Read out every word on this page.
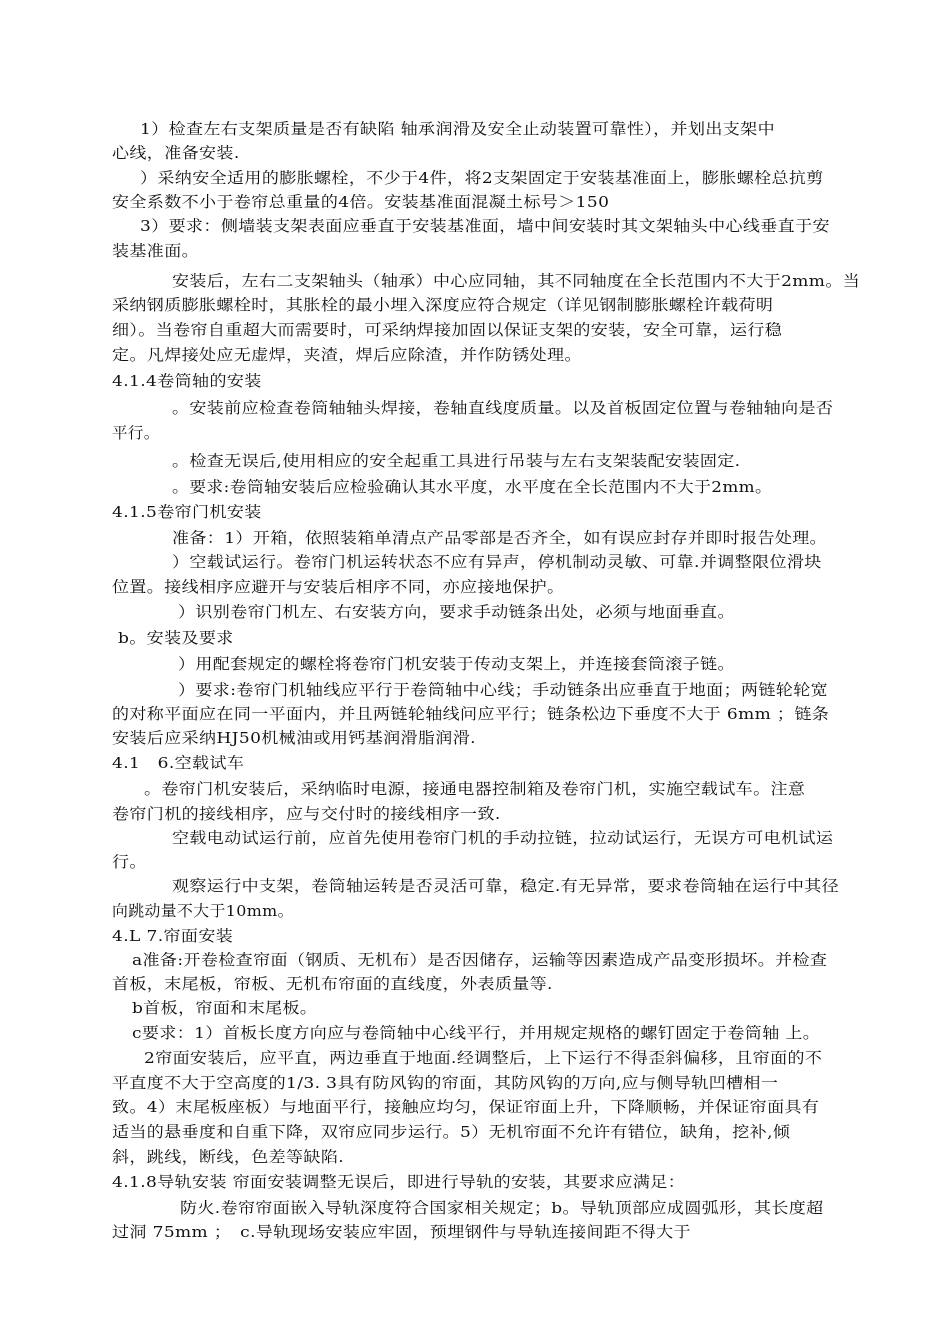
1）检查左右支架质量是否有缺陷 轴承润滑及安全止动装置可靠性），并划出支架中
心线，准备安装.
）采纳安全适用的膨胀螺栓，不少于4件，将2支架固定于安装基准面上，膨胀螺栓总抗剪
安全系数不小于卷帘总重量的4倍。安装基准面混凝土标号＞150
3）要求：侧墙装支架表面应垂直于安装基准面，墙中间安装时其文架轴头中心线垂直于安
装基准面。
安装后，左右二支架轴头（轴承）中心应同轴，其不同轴度在全长范围内不大于2mm。当
采纳钢质膨胀螺栓时，其胀栓的最小埋入深度应符合规定（详见钢制膨胀螺栓许载荷明
细）。当卷帘自重超大而需要时，可采纳焊接加固以保证支架的安装，安全可靠，运行稳
定。凡焊接处应无虚焊，夹渣，焊后应除渣，并作防锈处理。
4.1.4卷筒轴的安装
。安装前应检查卷筒轴轴头焊接，卷轴直线度质量。以及首板固定位置与卷轴轴向是否
平行。
。检查无误后,使用相应的安全起重工具进行吊装与左右支架装配安装固定.
。要求:卷筒轴安装后应检验确认其水平度，水平度在全长范围内不大于2mm。
4.1.5卷帘门机安装
准备：1）开箱，依照装箱单清点产品零部是否齐全，如有误应封存并即时报告处理。
）空载试运行。卷帘门机运转状态不应有异声，停机制动灵敏、可靠.并调整限位滑块
位置。接线相序应避开与安装后相序不同，亦应接地保护。
）识别卷帘门机左、右安装方向，要求手动链条出处，必须与地面垂直。
b。安装及要求
）用配套规定的螺栓将卷帘门机安装于传动支架上，并连接套筒滚子链。
）要求:卷帘门机轴线应平行于卷筒轴中心线；手动链条出应垂直于地面；两链轮轮宽
的对称平面应在同一平面内，并且两链轮轴线问应平行；链条松边下垂度不大于 6mm ；链条
安装后应采纳HJ50机械油或用钙基润滑脂润滑.
4.1　6.空载试车
。卷帘门机安装后，采纳临时电源，接通电器控制箱及卷帘门机，实施空载试车。注意
卷帘门机的接线相序，应与交付时的接线相序一致.
空载电动试运行前，应首先使用卷帘门机的手动拉链，拉动试运行，无误方可电机试运
行。
观察运行中支架，卷筒轴运转是否灵活可靠，稳定.有无异常，要求卷筒轴在运行中其径
向跳动量不大于10mm。
4.L 7.帘面安装
a准备:开卷检查帘面（钢质、无机布）是否因储存，运输等因素造成产品变形损坏。并检查
首板，末尾板，帘板、无机布帘面的直线度，外表质量等.
b首板，帘面和末尾板。
c要求：1）首板长度方向应与卷筒轴中心线平行，并用规定规格的螺钉固定于卷筒轴 上。
2帘面安装后，应平直，两边垂直于地面.经调整后，上下运行不得歪斜偏移，且帘面的不
平直度不大于空高度的1/3. 3具有防风钩的帘面，其防风钩的万向,应与侧导轨凹槽相一
致。4）末尾板座板）与地面平行，接触应均匀，保证帘面上升，下降顺畅，并保证帘面具有
适当的悬垂度和自重下降，双帘应同步运行。5）无机帘面不允许有错位，缺角，挖补,倾
斜，跳线，断线，色差等缺陷.
4.1.8导轨安装 帘面安装调整无误后，即进行导轨的安装，其要求应满足：
防火.卷帘帘面嵌入导轨深度符合国家相关规定；b。导轨顶部应成圆弧形，其长度超
过洞 75mm ；　c.导轨现场安装应牢固，预埋钢件与导轨连接间距不得大于
